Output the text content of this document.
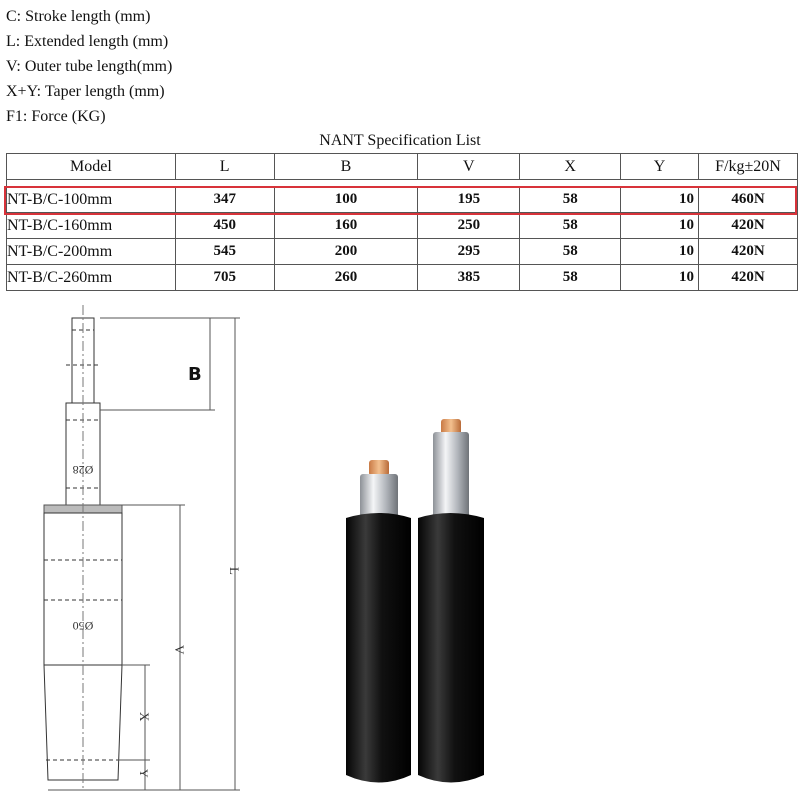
C: Stroke length (mm)
L: Extended length (mm)
V: Outer tube length(mm)
X+Y: Taper length (mm)
F1: Force (KG)
NANT Specification List
Model	L	B	V	X	Y	F/kg±20N

NT-B/C-100mm	347	100	195	58	10	460N
NT-B/C-160mm	450	160	250	58	10	420N
NT-B/C-200mm	545	200	295	58	10	420N
NT-B/C-260mm	705	260	385	58	10	420N
B
L
V
X
Y
Ø28
Ø50
